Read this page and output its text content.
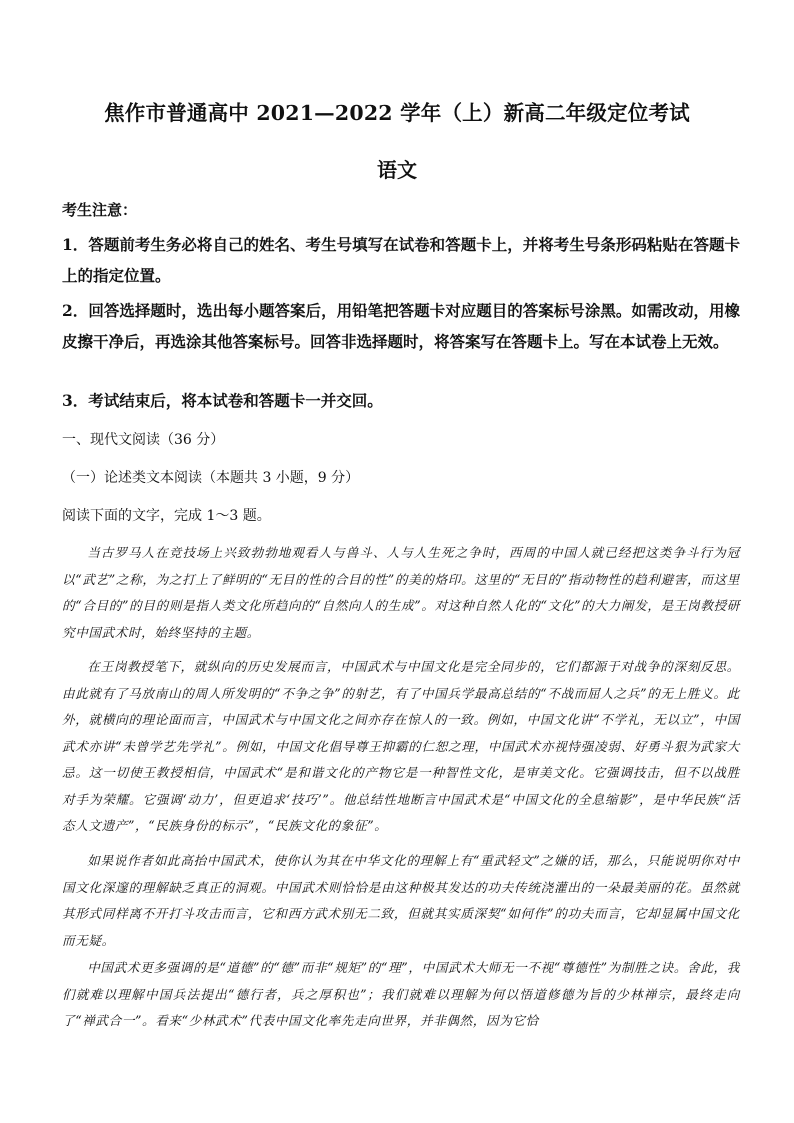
焦作市普通高中 2021—2022 学年（上）新高二年级定位考试
语文
考生注意：
1．答题前考生务必将自己的姓名、考生号填写在试卷和答题卡上，并将考生号条形码粘贴在答题卡上的指定位置。
2．回答选择题时，选出每小题答案后，用铅笔把答题卡对应题目的答案标号涂黑。如需改动，用橡皮擦干净后，再选涂其他答案标号。回答非选择题时，将答案写在答题卡上。写在本试卷上无效。
3．考试结束后，将本试卷和答题卡一并交回。
一、现代文阅读（36 分）
（一）论述类文本阅读（本题共 3 小题，9 分）
阅读下面的文字，完成 1～3 题。
当古罗马人在竞技场上兴致勃勃地观看人与兽斗、人与人生死之争时，西周的中国人就已经把这类争斗行为冠以“武艺”之称，为之打上了鲜明的“无目的性的合目的性”的美的烙印。这里的“无目的”指动物性的趋利避害，而这里的“合目的”的目的则是指人类文化所趋向的“自然向人的生成”。对这种自然人化的“文化”的大力阐发，是王岗教授研究中国武术时，始终坚持的主题。
在王岗教授笔下，就纵向的历史发展而言，中国武术与中国文化是完全同步的，它们都源于对战争的深刻反思。由此就有了马放南山的周人所发明的“不争之争”的射艺，有了中国兵学最高总结的“不战而屈人之兵”的无上胜义。此外，就横向的理论面而言，中国武术与中国文化之间亦存在惊人的一致。例如，中国文化讲“不学礼，无以立”，中国武术亦讲“未曾学艺先学礼”。例如，中国文化倡导尊王抑霸的仁恕之理，中国武术亦视恃强凌弱、好勇斗狠为武家大忌。这一切使王教授相信，中国武术“是和谐文化的产物它是一种智性文化，是审美文化。它强调技击，但不以战胜对手为荣耀。它强调‘动力’，但更追求‘技巧’”。他总结性地断言中国武术是“中国文化的全息缩影”，是中华民族“活态人文遗产”，“民族身份的标示”，“民族文化的象征”。
如果说作者如此高抬中国武术，使你认为其在中华文化的理解上有“重武轻文”之嫌的话，那么，只能说明你对中国文化深邃的理解缺乏真正的洞观。中国武术则恰恰是由这种极其发达的功夫传统浇灌出的一朵最美丽的花。虽然就其形式同样离不开打斗攻击而言，它和西方武术别无二致，但就其实质深契“如何作”的功夫而言，它却显属中国文化而无疑。
中国武术更多强调的是“道德”的“德”而非“规矩”的“理”，中国武术大师无一不视“尊德性”为制胜之诀。舍此，我们就难以理解中国兵法提出“德行者，兵之厚积也”；我们就难以理解为何以悟道修德为旨的少林禅宗，最终走向了“禅武合一”。看来“少林武术”代表中国文化率先走向世界，并非偶然，因为它恰
